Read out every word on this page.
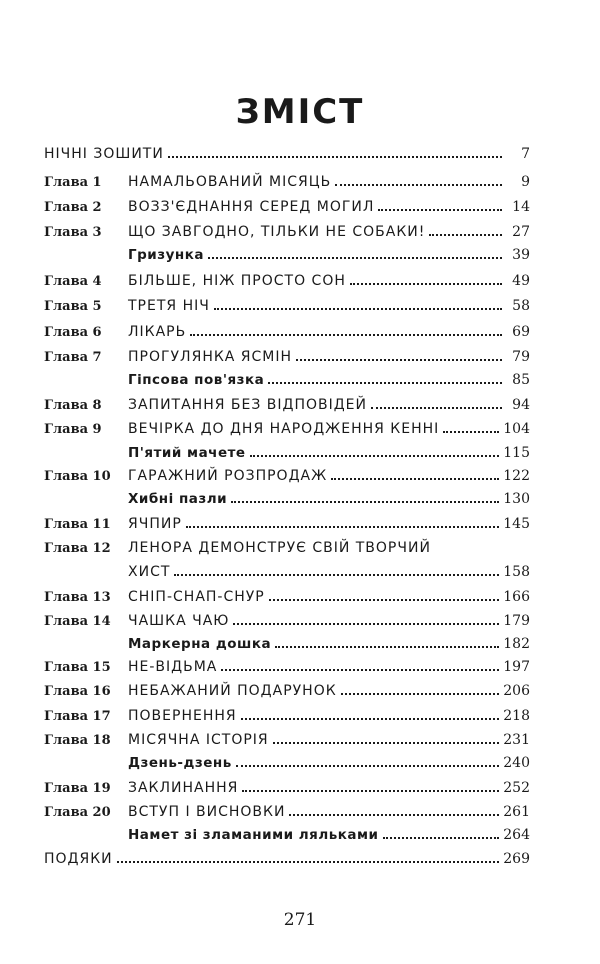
ЗМІСТ
НІЧНІ ЗОШИТИ	7
Глава 1	НАМАЛЬОВАНИЙ МІСЯЦЬ	9
Глава 2	ВОЗЗ'ЄДНАННЯ СЕРЕД МОГИЛ	14
Глава 3	ЩО ЗАВГОДНО, ТІЛЬКИ НЕ СОБАКИ!	27
Гризунка	39
Глава 4	БІЛЬШЕ, НІЖ ПРОСТО СОН	49
Глава 5	ТРЕТЯ НІЧ	58
Глава 6	ЛІКАРЬ	69
Глава 7	ПРОГУЛЯНКА ЯСМІН	79
Гіпсова пов'язка	85
Глава 8	ЗАПИТАННЯ БЕЗ ВІДПОВІДЕЙ	94
Глава 9	ВЕЧІРКА ДО ДНЯ НАРОДЖЕННЯ КЕННІ	104
П'ятий мачете	115
Глава 10	ГАРАЖНИЙ РОЗПРОДАЖ	122
Хибні пазли	130
Глава 11	ЯЧПИР	145
Глава 12	ЛЕНОРА ДЕМОНСТРУЄ СВІЙ ТВОРЧИЙ
ХИСТ	158
Глава 13	СНІП-СНАП-СНУР	166
Глава 14	ЧАШКА ЧАЮ	179
Маркерна дошка	182
Глава 15	НЕ-ВІДЬМА	197
Глава 16	НЕБАЖАНИЙ ПОДАРУНОК	206
Глава 17	ПОВЕРНЕННЯ	218
Глава 18	МІСЯЧНА ІСТОРІЯ	231
Дзень-дзень	240
Глава 19	ЗАКЛИНАННЯ	252
Глава 20	ВСТУП І ВИСНОВКИ	261
Намет зі зламаними ляльками	264
ПОДЯКИ	269
271
